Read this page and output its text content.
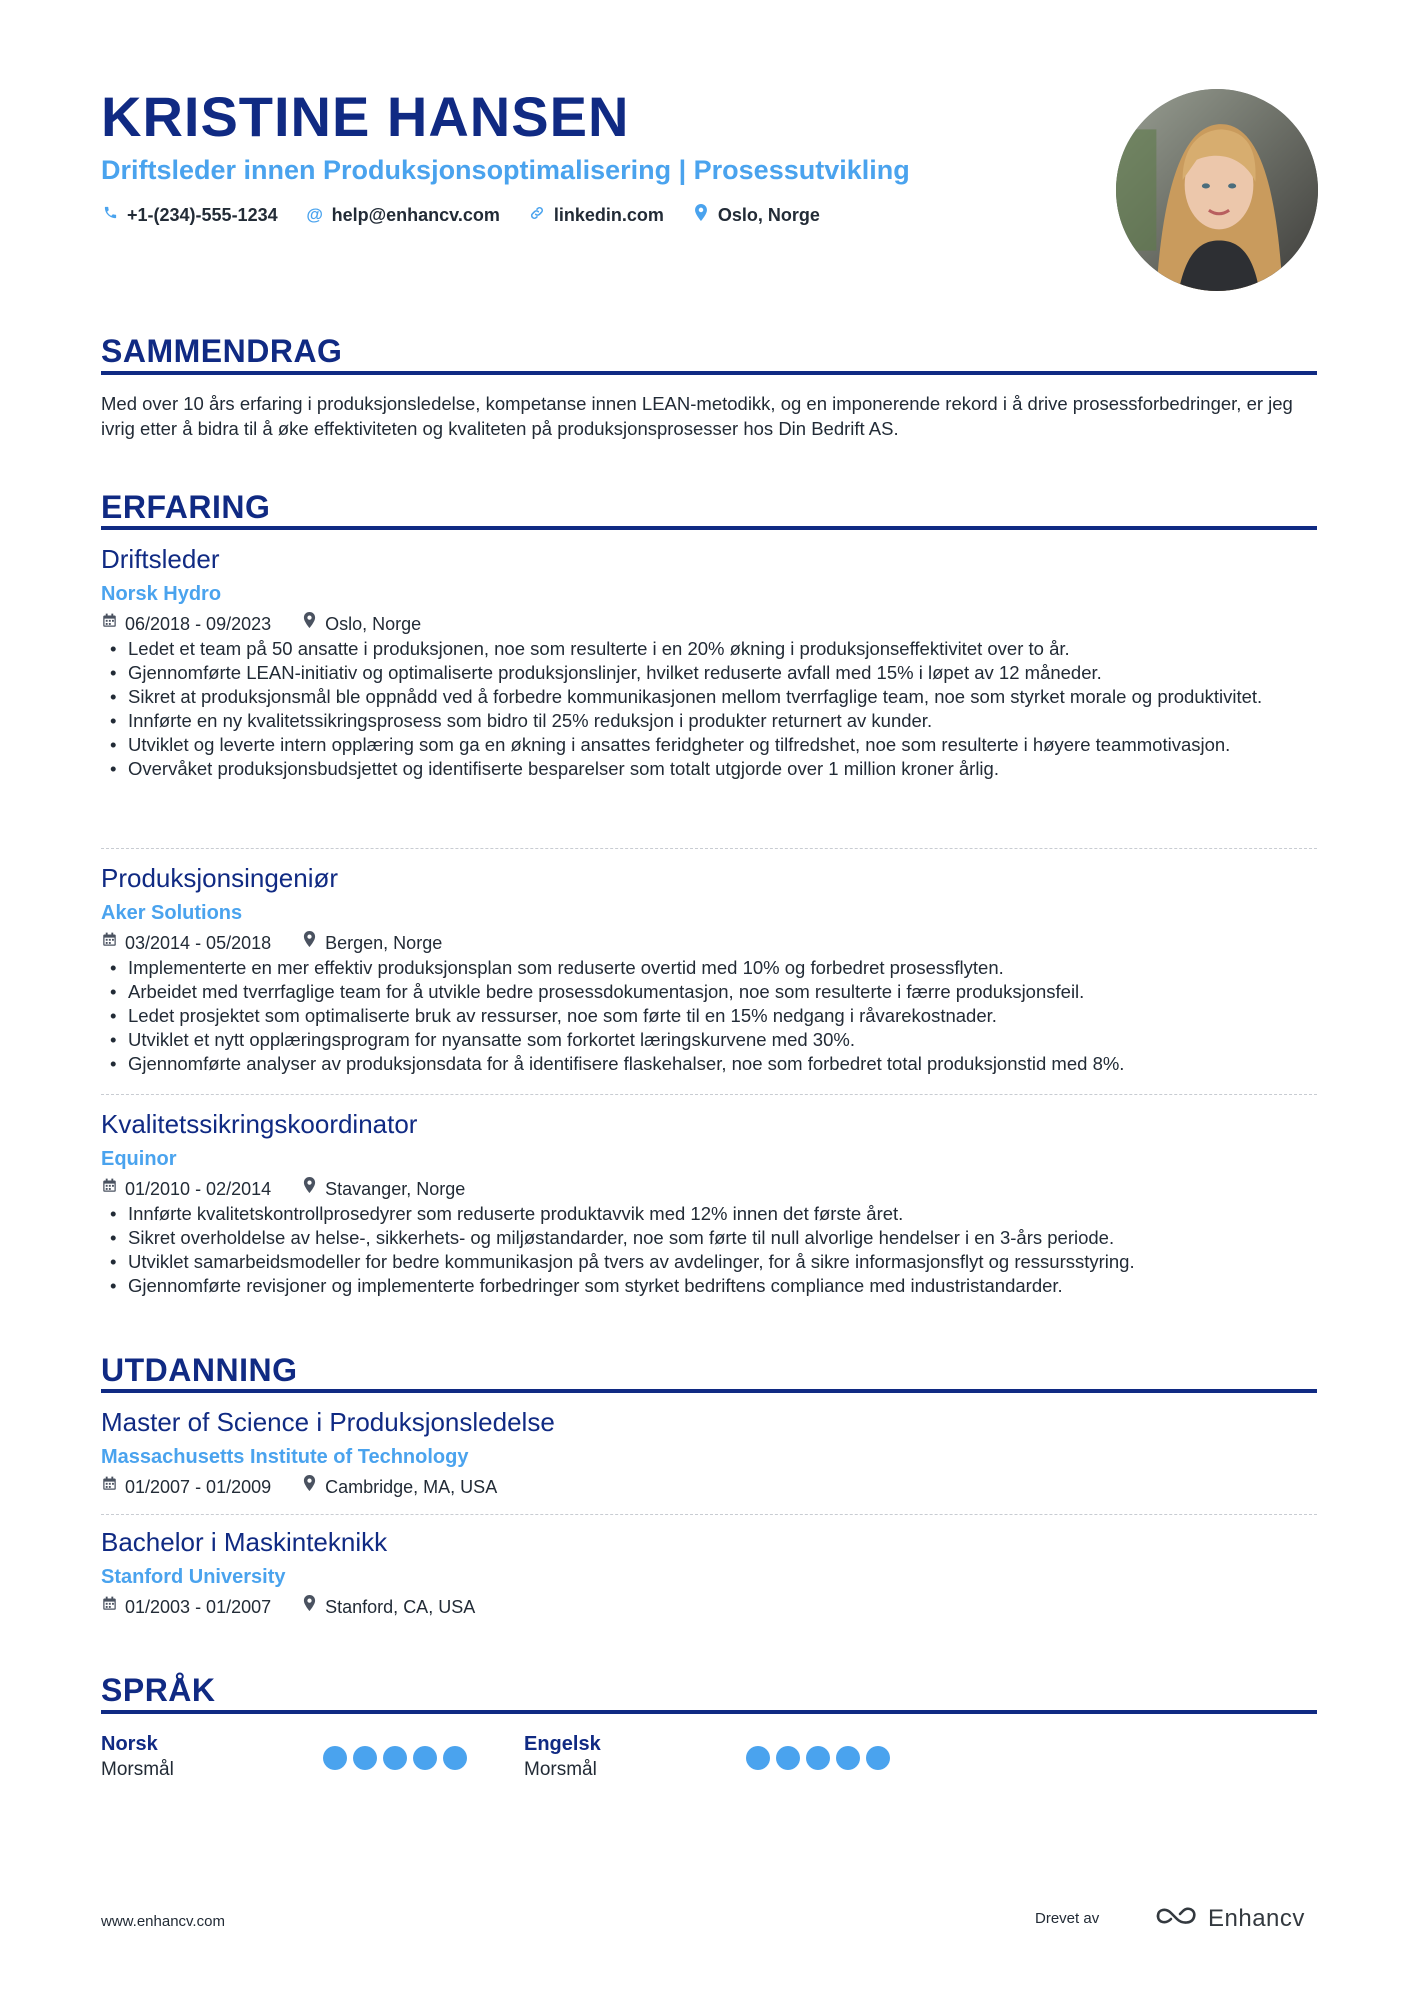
KRISTINE HANSEN

Driftsleder innen Produksjonsoptimalisering | Prosessutvikling

+1-(234)-555-1234 @ help@enhancv.com	linkedin.com	Oslo, Norge
SAMMENDRAG

Med over 10 års erfaring i produksjonsledelse, kompetanse innen LEAN-metodikk, og en imponerende rekord i å drive prosessforbedringer, er jeg ivrig etter å bidra til å øke effektiviteten og kvaliteten på produksjonsprosesser hos Din Bedrift AS.

ERFARING

Driftsleder

Norsk Hydro

06/2018 - 09/2023	Oslo, Norge
• Ledet et team på 50 ansatte i produksjonen, noe som resulterte i en 20% økning i produksjonseffektivitet over to år.
• Gjennomførte LEAN-initiativ og optimaliserte produksjonslinjer, hvilket reduserte avfall med 15% i løpet av 12 måneder.
• Sikret at produksjonsmål ble oppnådd ved å forbedre kommunikasjonen mellom tverrfaglige team, noe som styrket morale og produktivitet.
• Innførte en ny kvalitetssikringsprosess som bidro til 25% reduksjon i produkter returnert av kunder.
• Utviklet og leverte intern opplæring som ga en økning i ansattes feridgheter og tilfredshet, noe som resulterte i høyere teammotivasjon.
• Overvåket produksjonsbudsjettet og identifiserte besparelser som totalt utgjorde over 1 million kroner årlig.

Produksjonsingeniør

Aker Solutions

03/2014 - 05/2018	Bergen, Norge
• Implementerte en mer effektiv produksjonsplan som reduserte overtid med 10% og forbedret prosessflyten.
• Arbeidet med tverrfaglige team for å utvikle bedre prosessdokumentasjon, noe som resulterte i færre produksjonsfeil.
• Ledet prosjektet som optimaliserte bruk av ressurser, noe som førte til en 15% nedgang i råvarekostnader.
• Utviklet et nytt opplæringsprogram for nyansatte som forkortet læringskurvene med 30%.
• Gjennomførte analyser av produksjonsdata for å identifisere flaskehalser, noe som forbedret total produksjonstid med 8%.

Kvalitetssikringskoordinator

Equinor

01/2010 - 02/2014	Stavanger, Norge
• Innførte kvalitetskontrollprosedyrer som reduserte produktavvik med 12% innen det første året.
• Sikret overholdelse av helse-, sikkerhets- og miljøstandarder, noe som førte til null alvorlige hendelser i en 3-års periode.
• Utviklet samarbeidsmodeller for bedre kommunikasjon på tvers av avdelinger, for å sikre informasjonsflyt og ressursstyring.
• Gjennomførte revisjoner og implementerte forbedringer som styrket bedriftens compliance med industristandarder.
UTDANNING

Master of Science i Produksjonsledelse

Massachusetts Institute of Technology

01/2007 - 01/2009	Cambridge, MA, USA

Bachelor i Maskinteknikk

Stanford University

01/2003 - 01/2007	Stanford, CA, USA
SPRÅK

Norsk

Morsmål

Engelsk

Morsmål

www.enhancv.com	Drevet av	Enhancv
